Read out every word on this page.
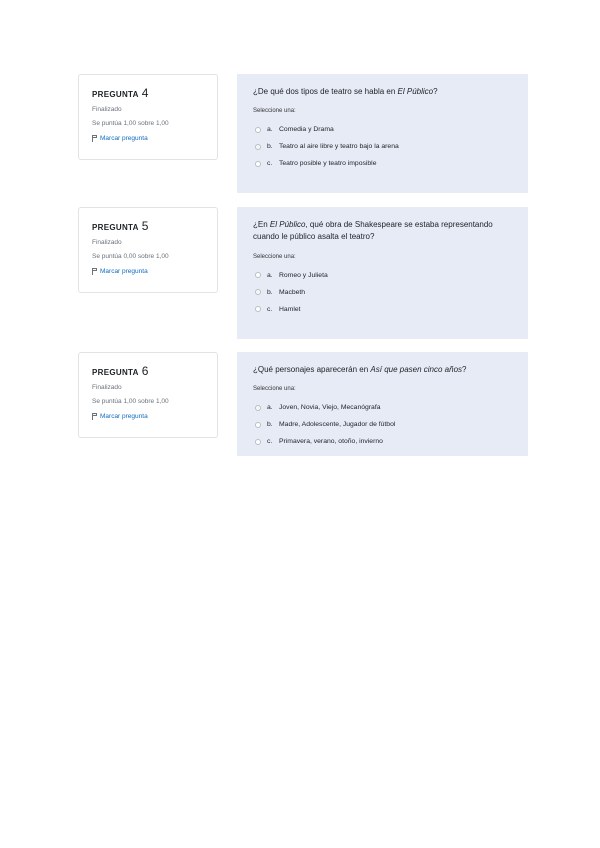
PREGUNTA 4
Finalizado
Se puntúa 1,00 sobre 1,00
Marcar pregunta
¿De qué dos tipos de teatro se habla en El Público?
Seleccione una:
a. Comedia y Drama
b. Teatro al aire libre y teatro bajo la arena
c. Teatro posible y teatro imposible
PREGUNTA 5
Finalizado
Se puntúa 0,00 sobre 1,00
Marcar pregunta
¿En El Público, qué obra de Shakespeare se estaba representando cuando le público asalta el teatro?
Seleccione una:
a. Romeo y Julieta
b. Macbeth
c. Hamlet
PREGUNTA 6
Finalizado
Se puntúa 1,00 sobre 1,00
Marcar pregunta
¿Qué personajes aparecerán en Así que pasen cinco años?
Seleccione una:
a. Joven, Novia, Viejo, Mecanógrafa
b. Madre, Adolescente, Jugador de fútbol
c. Primavera, verano, otoño, invierno
